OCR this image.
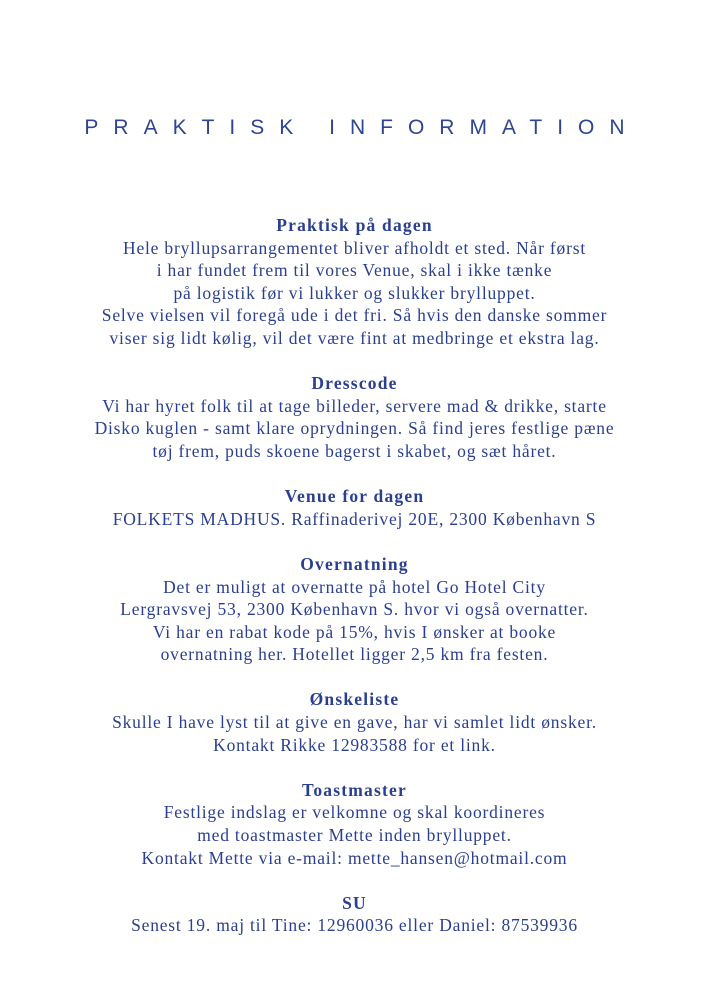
PRAKTISK INFORMATION
Praktisk på dagen

Hele bryllupsarrangementet bliver afholdt et sted. Når først
i har fundet frem til vores Venue, skal i ikke tænke
på logistik før vi lukker og slukker brylluppet.
Selve vielsen vil foregå ude i det fri. Så hvis den danske sommer
viser sig lidt kølig, vil det være fint at medbringe et ekstra lag.

Dresscode

Vi har hyret folk til at tage billeder, servere mad & drikke, starte
Disko kuglen - samt klare oprydningen. Så find jeres festlige pæne
tøj frem, puds skoene bagerst i skabet, og sæt håret.

Venue for dagen

FOLKETS MADHUS. Raffinaderivej 20E, 2300 København S

Overnatning

Det er muligt at overnatte på hotel Go Hotel City
Lergravsvej 53, 2300 København S. hvor vi også overnatter.
Vi har en rabat kode på 15%, hvis I ønsker at booke
overnatning her. Hotellet ligger 2,5 km fra festen.

Ønskeliste

Skulle I have lyst til at give en gave, har vi samlet lidt ønsker.
Kontakt Rikke 12983588 for et link.

Toastmaster

Festlige indslag er velkomne og skal koordineres
med toastmaster Mette inden brylluppet.
Kontakt Mette via e-mail: mette_hansen@hotmail.com

SU

Senest 19. maj til Tine: 12960036 eller Daniel: 87539936
